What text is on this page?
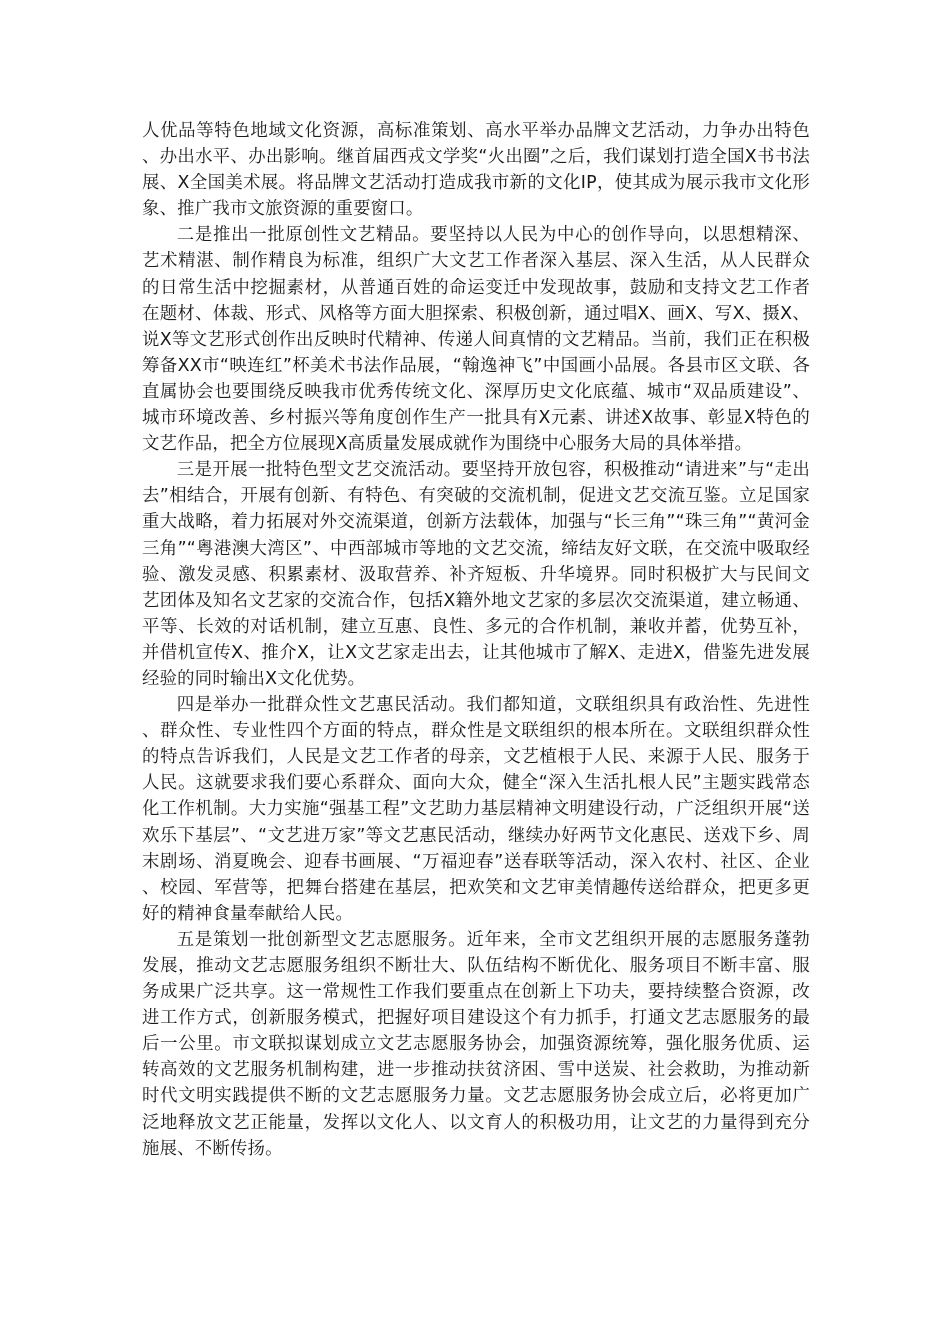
人优品等特色地域文化资源，高标准策划、高水平举办品牌文艺活动，力争办出特色、办出水平、办出影响。继首届西戎文学奖“火出圈”之后，我们谋划打造全国X书书法展、X全国美术展。将品牌文艺活动打造成我市新的文化IP，使其成为展示我市文化形象、推广我市文旅资源的重要窗口。

二是推出一批原创性文艺精品。要坚持以人民为中心的创作导向，以思想精深、艺术精湛、制作精良为标准，组织广大文艺工作者深入基层、深入生活，从人民群众的日常生活中挖掘素材，从普通百姓的命运变迁中发现故事，鼓励和支持文艺工作者在题材、体裁、形式、风格等方面大胆探索、积极创新，通过唱X、画X、写X、摄X、说X等文艺形式创作出反映时代精神、传递人间真情的文艺精品。当前，我们正在积极筹备XX市“映连红”杯美术书法作品展，“翰逸神飞”中国画小品展。各县市区文联、各直属协会也要围绕反映我市优秀传统文化、深厚历史文化底蕴、城市“双品质建设”、城市环境改善、乡村振兴等角度创作生产一批具有X元素、讲述X故事、彰显X特色的文艺作品，把全方位展现X高质量发展成就作为围绕中心服务大局的具体举措。

三是开展一批特色型文艺交流活动。要坚持开放包容，积极推动“请进来”与“走出去”相结合，开展有创新、有特色、有突破的交流机制，促进文艺交流互鉴。立足国家重大战略，着力拓展对外交流渠道，创新方法载体，加强与“长三角”“珠三角”“黄河金三角”“粤港澳大湾区”、中西部城市等地的文艺交流，缔结友好文联，在交流中吸取经验、激发灵感、积累素材、汲取营养、补齐短板、升华境界。同时积极扩大与民间文艺团体及知名文艺家的交流合作，包括X籍外地文艺家的多层次交流渠道，建立畅通、平等、长效的对话机制，建立互惠、良性、多元的合作机制，兼收并蓄，优势互补，并借机宣传X、推介X，让X文艺家走出去，让其他城市了解X、走进X，借鉴先进发展经验的同时输出X文化优势。

四是举办一批群众性文艺惠民活动。我们都知道，文联组织具有政治性、先进性、群众性、专业性四个方面的特点，群众性是文联组织的根本所在。文联组织群众性的特点告诉我们，人民是文艺工作者的母亲，文艺植根于人民、来源于人民、服务于人民。这就要求我们要心系群众、面向大众，健全“深入生活扎根人民”主题实践常态化工作机制。大力实施“强基工程”文艺助力基层精神文明建设行动，广泛组织开展“送欢乐下基层”、“文艺进万家”等文艺惠民活动，继续办好两节文化惠民、送戏下乡、周末剧场、消夏晚会、迎春书画展、“万福迎春”送春联等活动，深入农村、社区、企业、校园、军营等，把舞台搭建在基层，把欢笑和文艺审美情趣传送给群众，把更多更好的精神食量奉献给人民。

五是策划一批创新型文艺志愿服务。近年来，全市文艺组织开展的志愿服务蓬勃发展，推动文艺志愿服务组织不断壮大、队伍结构不断优化、服务项目不断丰富、服务成果广泛共享。这一常规性工作我们要重点在创新上下功夫，要持续整合资源，改进工作方式，创新服务模式，把握好项目建设这个有力抓手，打通文艺志愿服务的最后一公里。市文联拟谋划成立文艺志愿服务协会，加强资源统筹，强化服务优质、运转高效的文艺服务机制构建，进一步推动扶贫济困、雪中送炭、社会救助，为推动新时代文明实践提供不断的文艺志愿服务力量。文艺志愿服务协会成立后，必将更加广泛地释放文艺正能量，发挥以文化人、以文育人的积极功用，让文艺的力量得到充分施展、不断传扬。
